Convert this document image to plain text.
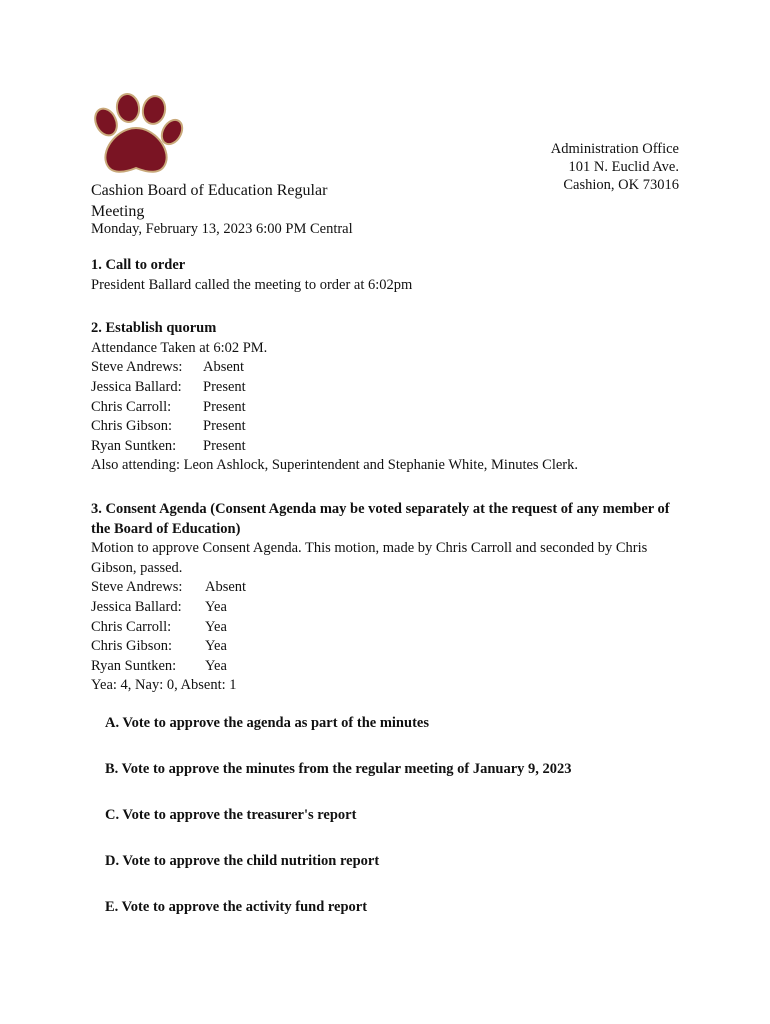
Administration Office
101 N. Euclid Ave.
Cashion, OK 73016
Cashion Board of Education Regular Meeting
Monday, February 13, 2023 6:00 PM Central
1. Call to order
President Ballard called the meeting to order at 6:02pm
2. Establish quorum
Attendance Taken at 6:02 PM.
Steve Andrews:	Absent
Jessica Ballard:	Present
Chris Carroll:	Present
Chris Gibson:	Present
Ryan Suntken:	Present
Also attending: Leon Ashlock, Superintendent and Stephanie White, Minutes Clerk.
3. Consent Agenda (Consent Agenda may be voted separately at the request of any member of the Board of Education)
Motion to approve Consent Agenda. This motion, made by Chris Carroll and seconded by Chris Gibson, passed.
Steve Andrews:	Absent
Jessica Ballard:	Yea
Chris Carroll:	Yea
Chris Gibson:	Yea
Ryan Suntken:	Yea
Yea: 4, Nay: 0, Absent: 1
A. Vote to approve the agenda as part of the minutes
B. Vote to approve the minutes from the regular meeting of January 9, 2023
C. Vote to approve the treasurer's report
D. Vote to approve the child nutrition report
E. Vote to approve the activity fund report
